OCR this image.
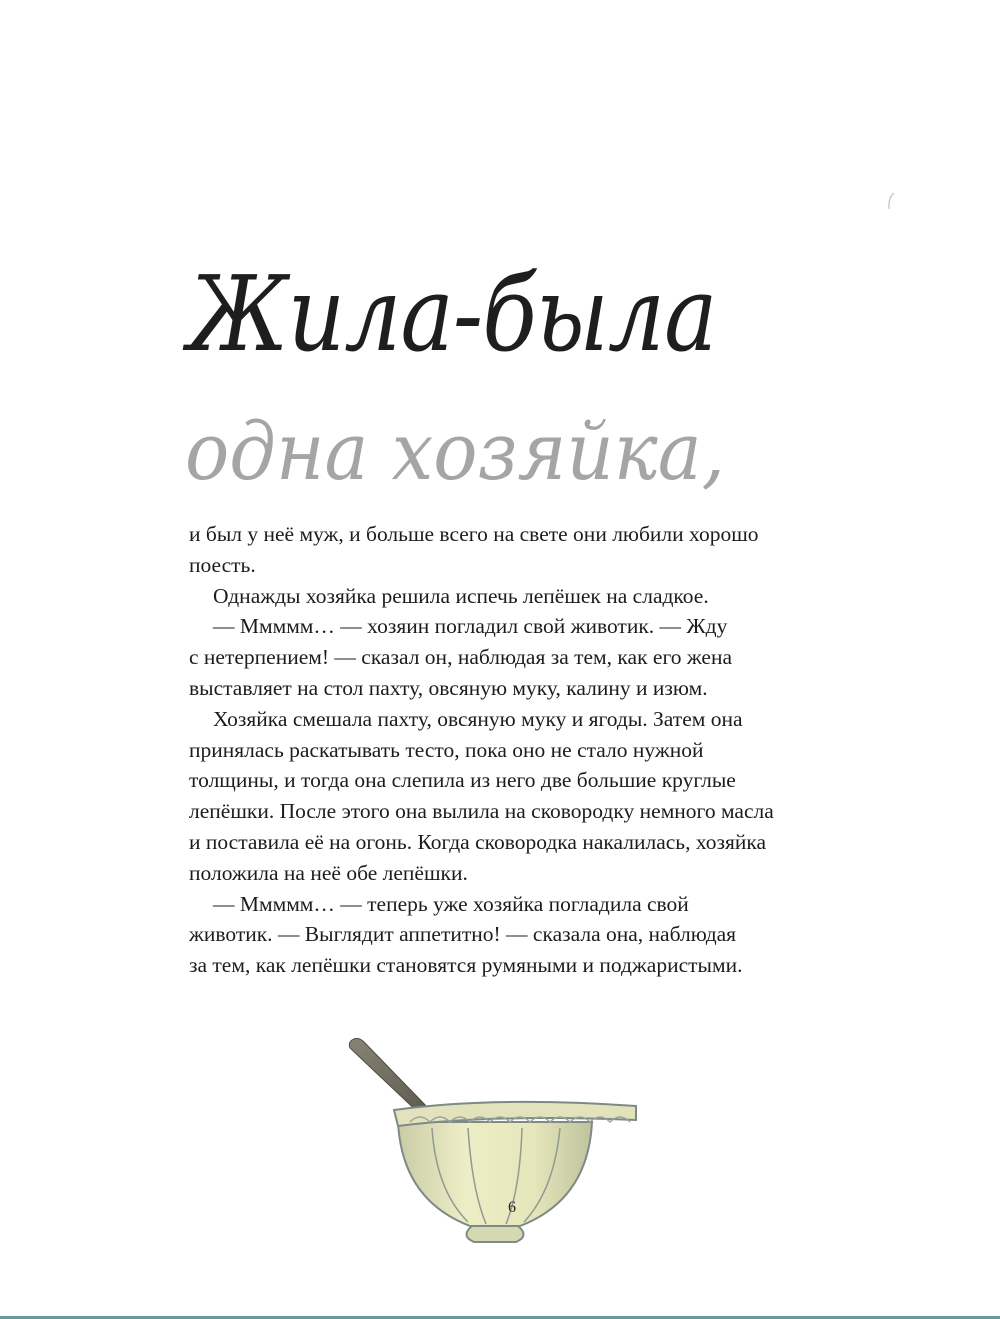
Жила-была
одна хозяйка,

и был у неё муж, и больше всего на свете они любили хорошо
поесть.

Однажды хозяйка решила испечь лепёшек на сладкое.

— Ммммм… — хозяин погладил свой животик. — Жду
с нетерпением! — сказал он, наблюдая за тем, как его жена
выставляет на стол пахту, овсяную муку, калину и изюм.

Хозяйка смешала пахту, овсяную муку и ягоды. Затем она
принялась раскатывать тесто, пока оно не стало нужной
толщины, и тогда она слепила из него две большие круглые
лепёшки. После этого она вылила на сковородку немного масла
и поставила её на огонь. Когда сковородка накалилась, хозяйка
положила на неё обе лепёшки.

— Ммммм… — теперь уже хозяйка погладила свой
животик. — Выглядит аппетитно! — сказала она, наблюдая
за тем, как лепёшки становятся румяными и поджаристыми.

6
